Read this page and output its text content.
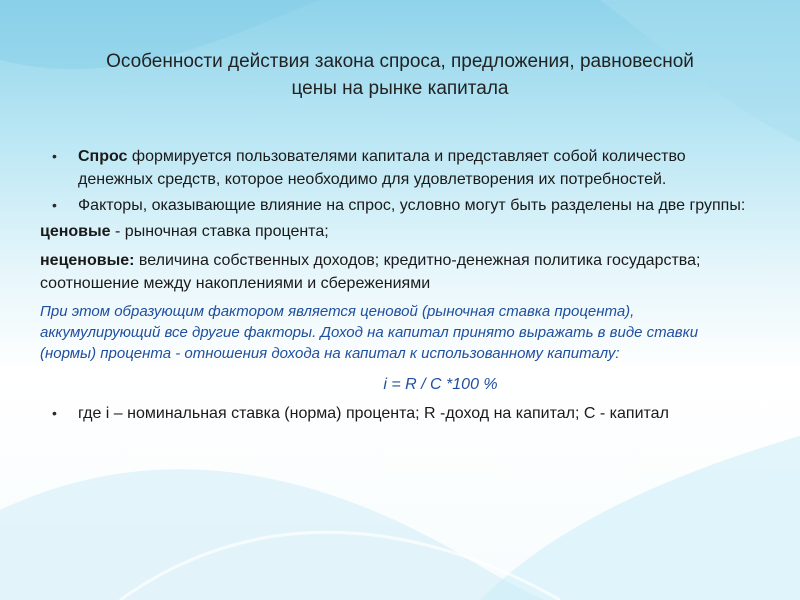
Особенности действия закона спроса, предложения, равновесной
цены на рынке капитала
• Спрос формируется пользователями капитала и представляет собой количество денежных средств, которое необходимо для удовлетворения их потребностей.
• Факторы, оказывающие влияние на спрос, условно могут быть разделены на две группы:
ценовые - рыночная ставка процента;
неценовые: величина собственных доходов; кредитно-денежная политика государства; соотношение между накоплениями и сбережениями
При этом образующим фактором является ценовой (рыночная ставка процента), аккумулирующий все другие факторы. Доход на капитал принято выражать в виде ставки (нормы) процента - отношения дохода на капитал к использованному капиталу:
i = R / C *100 %
• где i – номинальная ставка (норма) процента; R -доход на капитал; С - капитал
